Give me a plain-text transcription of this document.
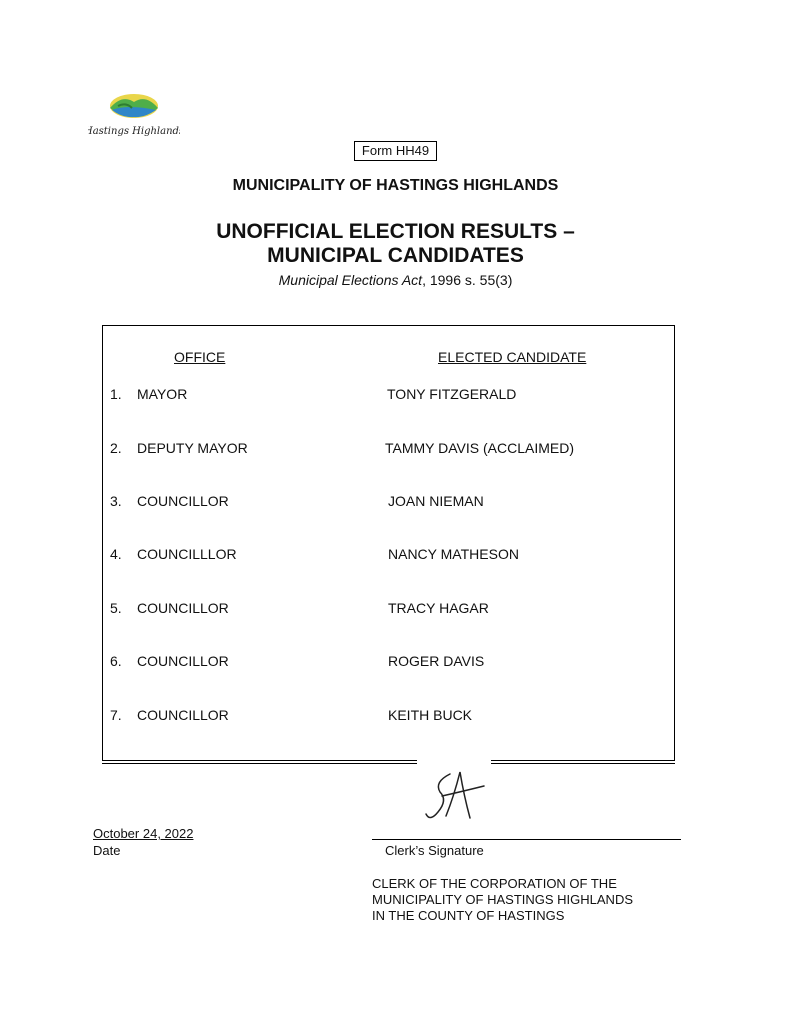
Hastings Highlands
Form HH49
MUNICIPALITY OF HASTINGS HIGHLANDS
UNOFFICIAL ELECTION RESULTS –
MUNICIPAL CANDIDATES
Municipal Elections Act, 1996 s. 55(3)
OFFICE	ELECTED CANDIDATE
1. MAYOR	TONY FITZGERALD
2. DEPUTY MAYOR	TAMMY DAVIS (ACCLAIMED)
3. COUNCILLOR	JOAN NIEMAN
4. COUNCILLLOR	NANCY MATHESON
5. COUNCILLOR	TRACY HAGAR
6. COUNCILLOR	ROGER DAVIS
7. COUNCILLOR	KEITH BUCK
October 24, 2022
Date	Clerk’s Signature
CLERK OF THE CORPORATION OF THE
MUNICIPALITY OF HASTINGS HIGHLANDS
IN THE COUNTY OF HASTINGS
